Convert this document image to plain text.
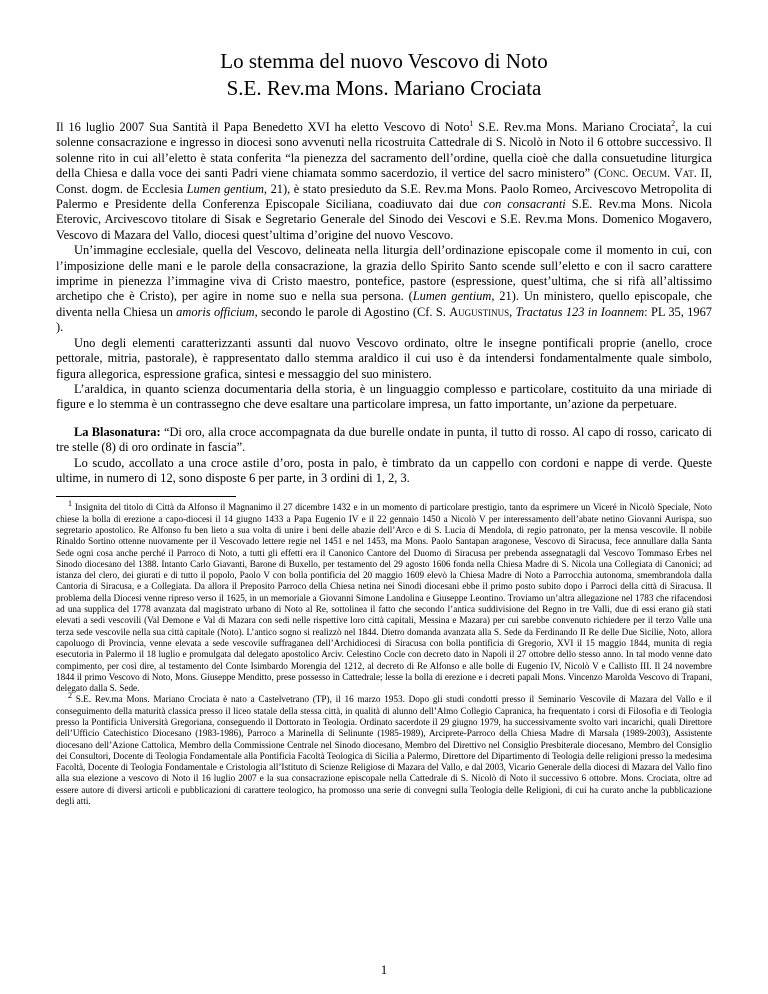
Lo stemma del nuovo Vescovo di Noto
S.E. Rev.ma Mons. Mariano Crociata

Il 16 luglio 2007 Sua Santità il Papa Benedetto XVI ha eletto Vescovo di Noto$^1$ S.E. Rev.ma Mons. Mariano Crociata$^2$, la cui solenne consacrazione e ingresso in diocesi sono avvenuti nella ricostruita Cattedrale di S. Nicolò in Noto il 6 ottobre successivo. Il solenne rito in cui all’eletto è stata conferita “la pienezza del sacramento dell’ordine, quella cioè che dalla consuetudine liturgica della Chiesa e dalla voce dei santi Padri viene chiamata sommo sacerdozio, il vertice del sacro ministero” (Conc. Oecum. Vat. II, Const. dogm. de Ecclesia Lumen gentium, 21), è stato presieduto da S.E. Rev.ma Mons. Paolo Romeo, Arcivescovo Metropolita di Palermo e Presidente della Conferenza Episcopale Siciliana, coadiuvato dai due con consacranti S.E. Rev.ma Mons. Nicola Eterovic, Arcivescovo titolare di Sisak e Segretario Generale del Sinodo dei Vescovi e S.E. Rev.ma Mons. Domenico Mogavero, Vescovo di Mazara del Vallo, diocesi quest’ultima d’origine del nuovo Vescovo.

Un’immagine ecclesiale, quella del Vescovo, delineata nella liturgia dell’ordinazione episcopale come il momento in cui, con l’imposizione delle mani e le parole della consacrazione, la grazia dello Spirito Santo scende sull’eletto e con il sacro carattere imprime in pienezza l’immagine viva di Cristo maestro, pontefice, pastore (espressione, quest’ultima, che si rifà all’altissimo archetipo che è Cristo), per agire in nome suo e nella sua persona. (Lumen gentium, 21). Un ministero, quello episcopale, che diventa nella Chiesa un amoris officium, secondo le parole di Agostino (Cf. S. Augustinus, Tractatus 123 in Ioannem: PL 35, 1967 ).

Uno degli elementi caratterizzanti assunti dal nuovo Vescovo ordinato, oltre le insegne pontificali proprie (anello, croce pettorale, mitria, pastorale), è rappresentato dallo stemma araldico il cui uso è da intendersi fondamentalmente quale simbolo, figura allegorica, espressione grafica, sintesi e messaggio del suo ministero.

L’araldica, in quanto scienza documentaria della storia, è un linguaggio complesso e particolare, costituito da una miriade di figure e lo stemma è un contrassegno che deve esaltare una particolare impresa, un fatto importante, un’azione da perpetuare.

La Blasonatura: “Di oro, alla croce accompagnata da due burelle ondate in punta, il tutto di rosso. Al capo di rosso, caricato di tre stelle (8) di oro ordinate in fascia”.

Lo scudo, accollato a una croce astile d’oro, posta in palo, è timbrato da un cappello con cordoni e nappe di verde. Queste ultime, in numero di 12, sono disposte 6 per parte, in 3 ordini di 1, 2, 3.

$^1$ Insignita del titolo di Città da Alfonso il Magnanimo il 27 dicembre 1432 e in un momento di particolare prestigio, tanto da esprimere un Viceré in Nicolò Speciale, Noto chiese la bolla di erezione a capo-diocesi il 14 giugno 1433 a Papa Eugenio IV e il 22 gennaio 1450 a Nicolò V per interessamento dell’abate netino Giovanni Aurispa, suo segretario apostolico. Re Alfonso fu ben lieto a sua volta di unire i beni delle abazie dell’Arco e di S. Lucia di Mendola, di regio patronato, per la mensa vescovile. Il nobile Rinaldo Sortino ottenne nuovamente per il Vescovado lettere regie nel 1451 e nel 1453, ma Mons. Paolo Santapan aragonese, Vescovo di Siracusa, fece annullare dalla Santa Sede ogni cosa anche perché il Parroco di Noto, a tutti gli effetti era il Canonico Cantore del Duomo di Siracusa per prebenda assegnatagli dal Vescovo Tommaso Erbes nel Sinodo diocesano del 1388. Intanto Carlo Giavanti, Barone di Buxello, per testamento del 29 agosto 1606 fonda nella Chiesa Madre di S. Nicola una Collegiata di Canonici; ad istanza del clero, dei giurati e di tutto il popolo, Paolo V con bolla pontificia del 20 maggio 1609 elevò la Chiesa Madre di Noto a Parrocchia autonoma, smembrandola dalla Cantoria di Siracusa, e a Collegiata. Da allora il Preposito Parroco della Chiesa netina nei Sinodi diocesani ebbe il primo posto subito dopo i Parroci della città di Siracusa. Il problema della Diocesi venne ripreso verso il 1625, in un memoriale a Giovanni Simone Landolina e Giuseppe Leontino. Troviamo un’altra allegazione nel 1783 che rifacendosi ad una supplica del 1778 avanzata dal magistrato urbano di Noto al Re, sottolinea il fatto che secondo l’antica suddivisione del Regno in tre Valli, due di essi erano già stati elevati a sedi vescovili (Val Demone e Val di Mazara con sedi nelle rispettive loro città capitali, Messina e Mazara) per cui sarebbe convenuto richiedere per il terzo Valle una terza sede vescovile nella sua città capitale (Noto). L’antico sogno si realizzò nel 1844. Dietro domanda avanzata alla S. Sede da Ferdinando II Re delle Due Sicilie, Noto, allora capoluogo di Provincia, venne elevata a sede vescovile suffraganea dell’Archidiocesi di Siracusa con bolla pontificia di Gregorio, XVI il 15 maggio 1844, munita di regia esecutoria in Palermo il 18 luglio e promulgata dal delegato apostolico Arciv. Celestino Cocle con decreto dato in Napoli il 27 ottobre dello stesso anno. In tal modo venne dato compimento, per così dire, al testamento del Conte Isimbardo Morengia del 1212, al decreto di Re Alfonso e alle bolle di Eugenio IV, Nicolò V e Callisto III. Il 24 novembre 1844 il primo Vescovo di Noto, Mons. Giuseppe Menditto, prese possesso in Cattedrale; lesse la bolla di erezione e i decreti papali Mons. Vincenzo Marolda Vescovo di Trapani, delegato dalla S. Sede.

$^2$ S.E. Rev.ma Mons. Mariano Crociata è nato a Castelvetrano (TP), il 16 marzo 1953. Dopo gli studi condotti presso il Seminario Vescovile di Mazara del Vallo e il conseguimento della maturità classica presso il liceo statale della stessa città, in qualità di alunno dell’Almo Collegio Capranica, ha frequentato i corsi di Filosofia e di Teologia presso la Pontificia Università Gregoriana, conseguendo il Dottorato in Teologia. Ordinato sacerdote il 29 giugno 1979, ha successivamente svolto vari incarichi, quali Direttore dell’Ufficio Catechistico Diocesano (1983-1986), Parroco a Marinella di Selinunte (1985-1989), Arciprete-Parroco della Chiesa Madre di Marsala (1989-2003), Assistente diocesano dell’Azione Cattolica, Membro della Commissione Centrale nel Sinodo diocesano, Membro del Direttivo nel Consiglio Presbiterale diocesano, Membro del Consiglio dei Consultori, Docente di Teologia Fondamentale alla Pontificia Facoltà Teologica di Sicilia a Palermo, Direttore del Dipartimento di Teologia delle religioni presso la medesima Facoltà, Docente di Teologia Fondamentale e Cristologia all’Istituto di Scienze Religiose di Mazara del Vallo, e dal 2003, Vicario Generale della diocesi di Mazara del Vallo fino alla sua elezione a vescovo di Noto il 16 luglio 2007 e la sua consacrazione episcopale nella Cattedrale di S. Nicolò di Noto il successivo 6 ottobre. Mons. Crociata, oltre ad essere autore di diversi articoli e pubblicazioni di carattere teologico, ha promosso una serie di convegni sulla Teologia delle Religioni, di cui ha curato anche la pubblicazione degli atti.

1
